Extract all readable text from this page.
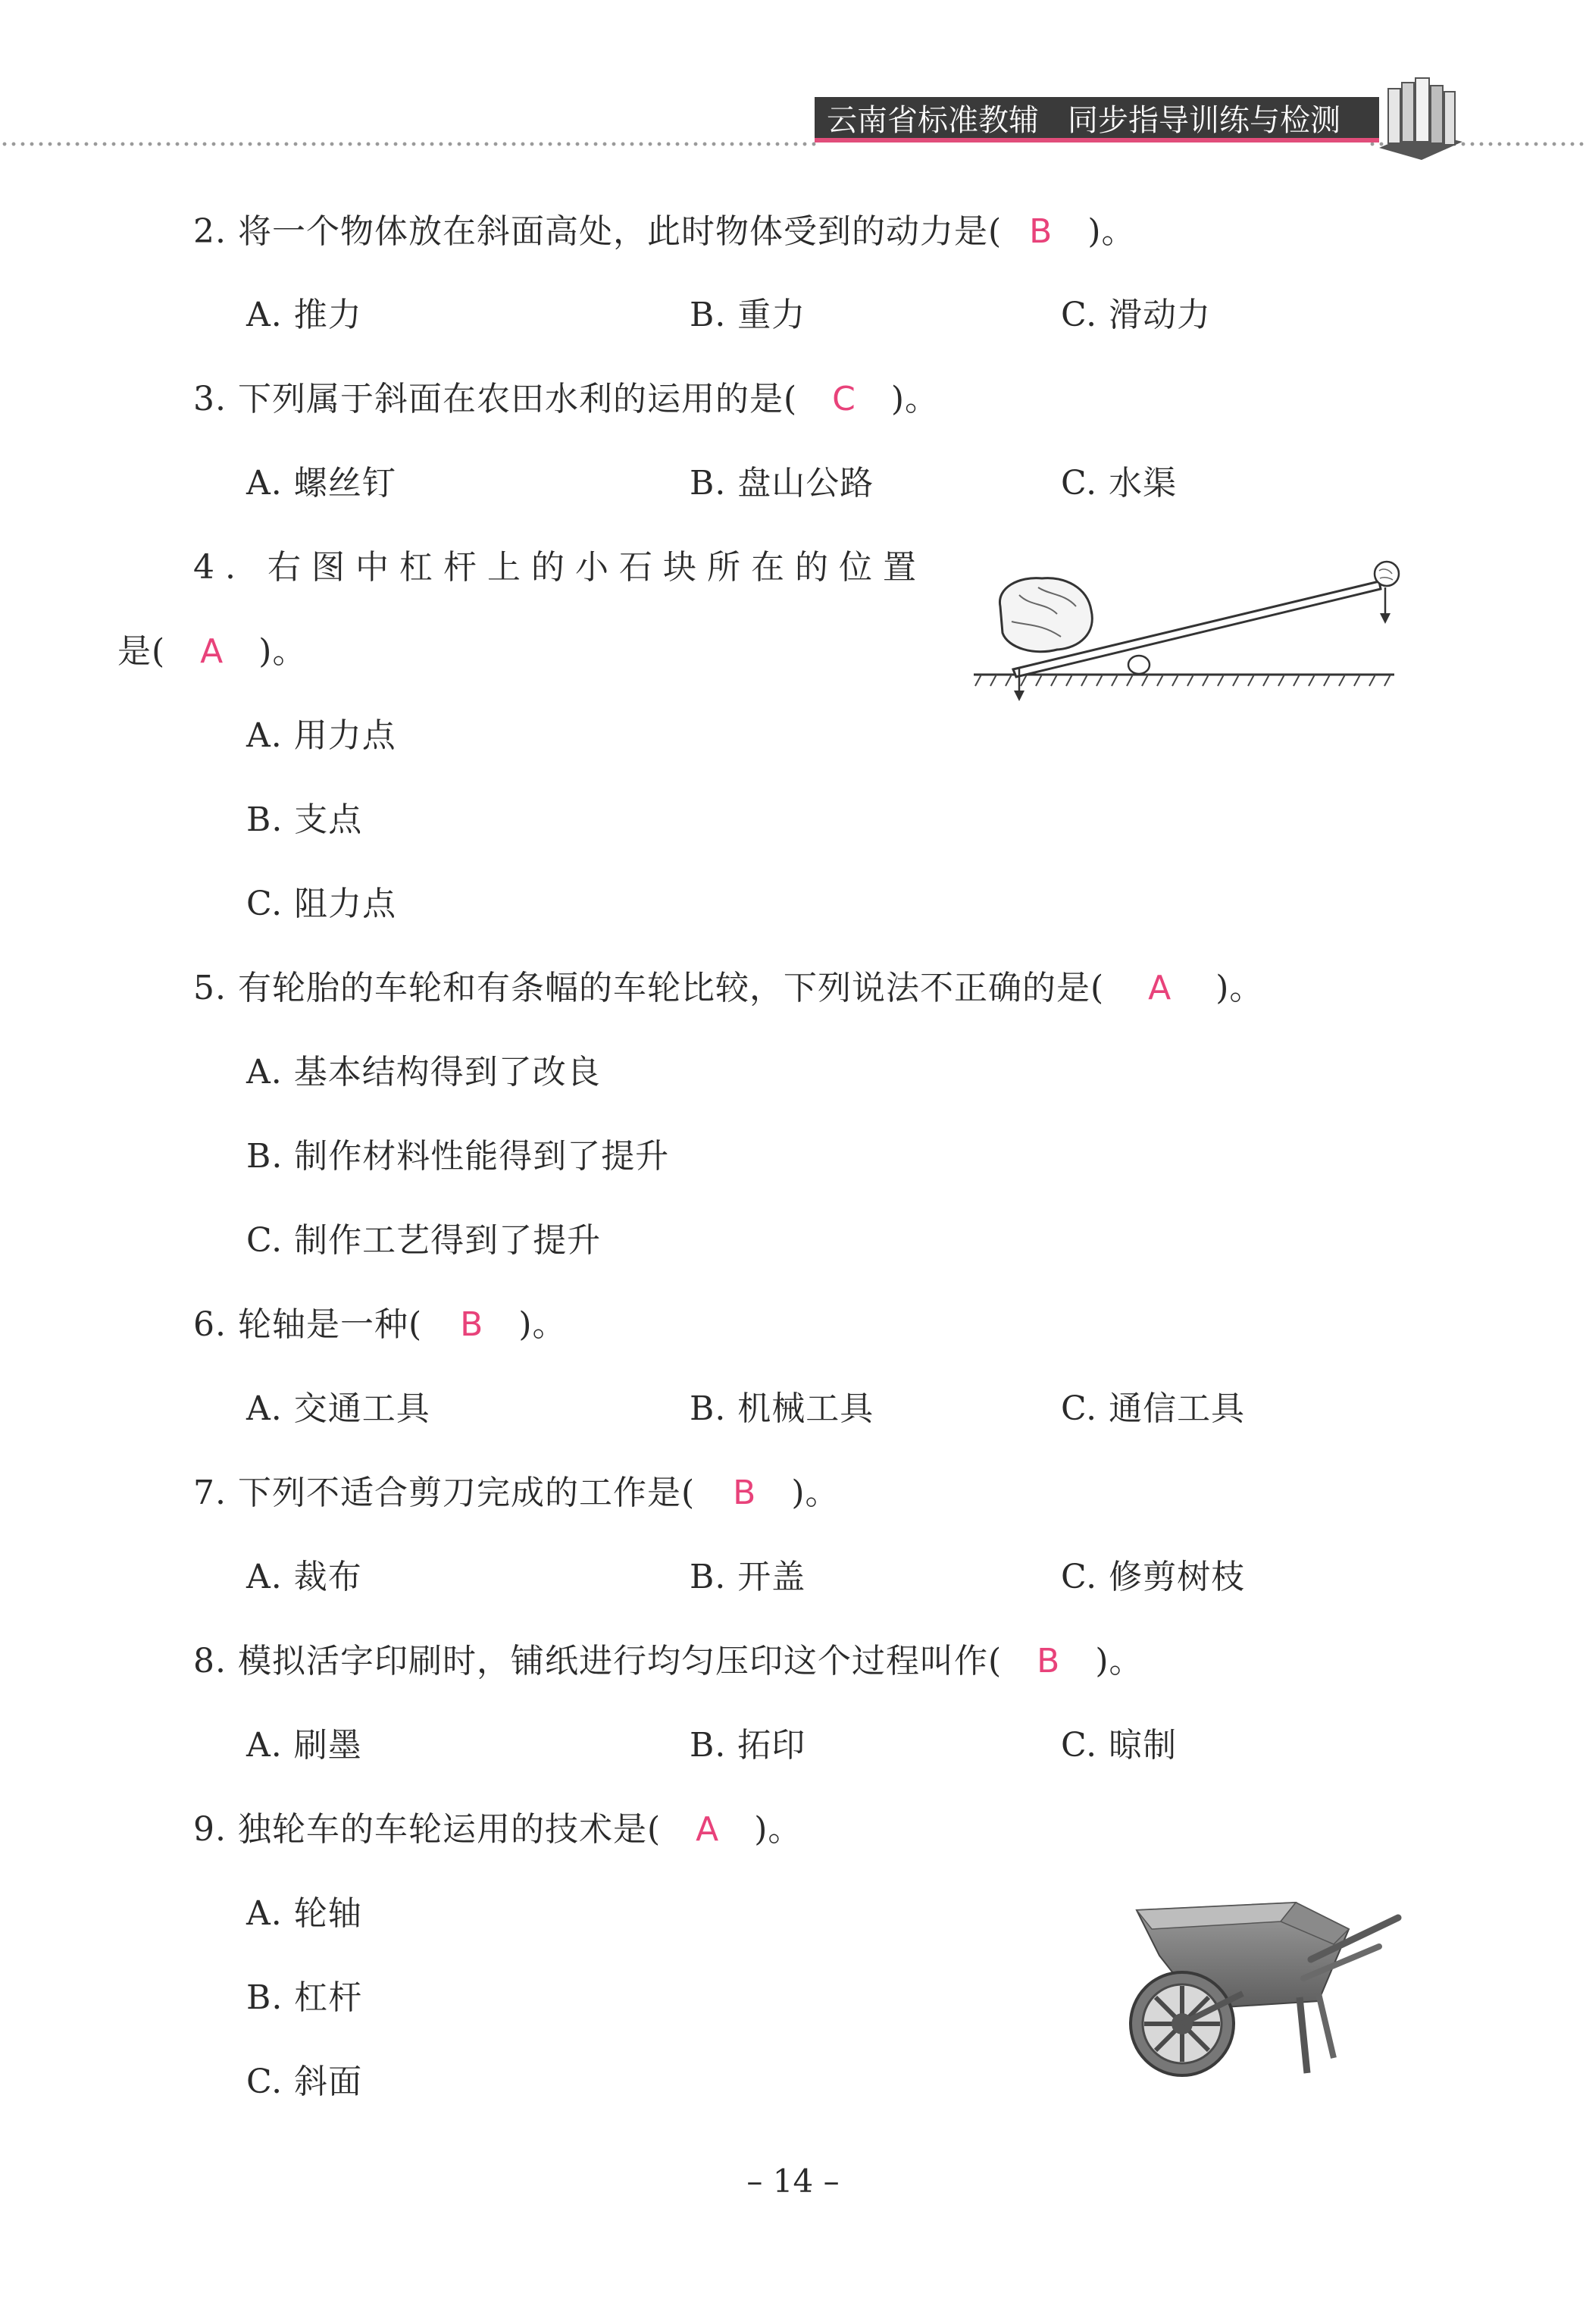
云南省标准教辅 同步指导训练与检测
2. 将一个物体放在斜面高处，此时物体受到的动力是( B )。
A. 推力	B. 重力	C. 滑动力
3. 下列属于斜面在农田水利的运用的是( C )。
A. 螺丝钉	B. 盘山公路	C. 水渠
4. 右图中杠杆上的小石块所在的位置
是( A )。
A. 用力点
B. 支点
C. 阻力点
5. 有轮胎的车轮和有条幅的车轮比较，下列说法不正确的是( A )。
A. 基本结构得到了改良
B. 制作材料性能得到了提升
C. 制作工艺得到了提升
6. 轮轴是一种( B )。
A. 交通工具	B. 机械工具	C. 通信工具
7. 下列不适合剪刀完成的工作是( B )。
A. 裁布	B. 开盖	C. 修剪树枝
8. 模拟活字印刷时，铺纸进行均匀压印这个过程叫作( B )。
A. 刷墨	B. 拓印	C. 晾制
9. 独轮车的车轮运用的技术是( A )。
A. 轮轴
B. 杠杆
C. 斜面
– 14 –
